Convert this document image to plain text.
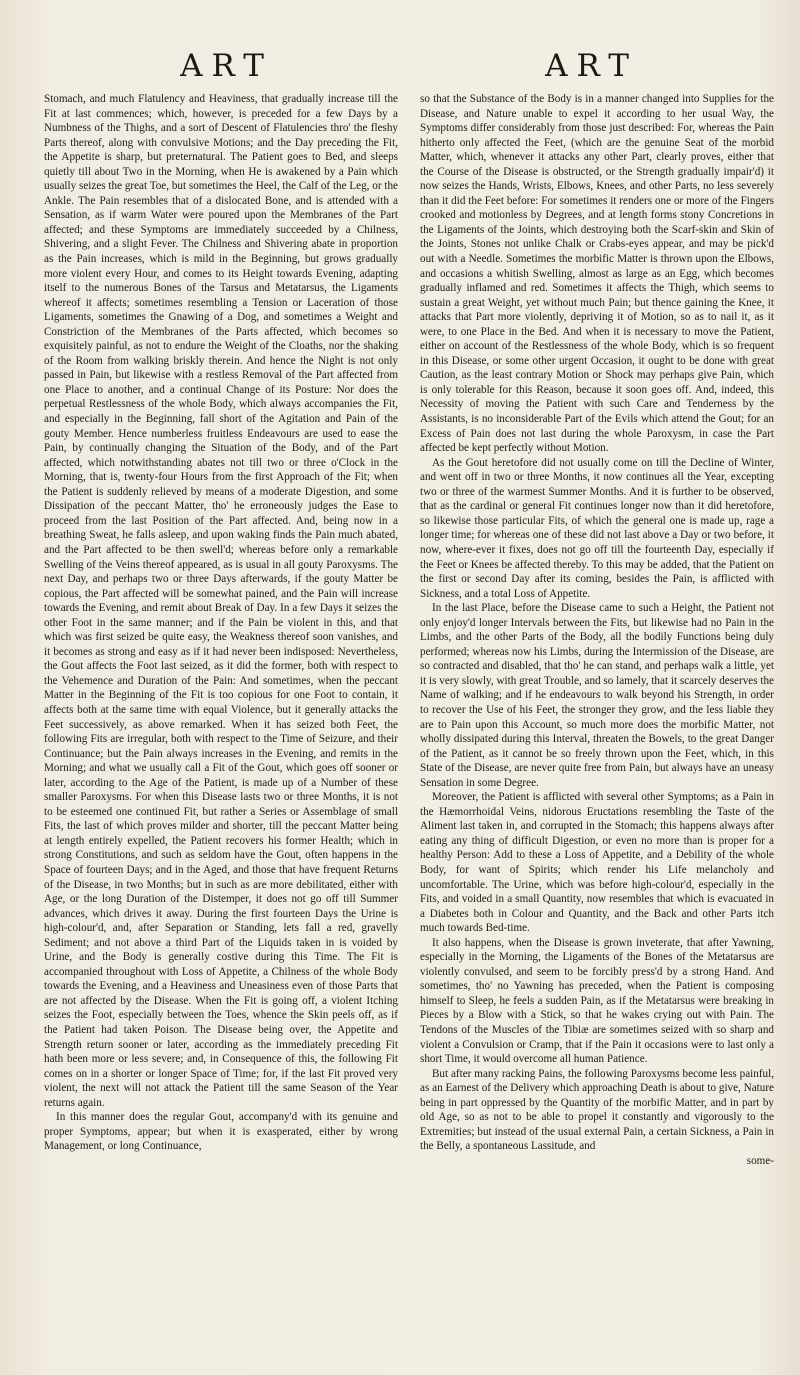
ART	ART

Stomach, and much Flatulency and Heaviness, that gradually increase till the Fit at last commences; which, however, is preceded for a few Days by a Numbness of the Thighs, and a sort of Descent of Flatulencies thro' the fleshy Parts thereof, along with convulsive Motions; and the Day preceding the Fit, the Appetite is sharp, but preternatural. The Patient goes to Bed, and sleeps quietly till about Two in the Morning, when He is awakened by a Pain which usually seizes the great Toe, but sometimes the Heel, the Calf of the Leg, or the Ankle. The Pain resembles that of a dislocated Bone, and is attended with a Sensation, as if warm Water were poured upon the Membranes of the Part affected; and these Symptoms are immediately succeeded by a Chilness, Shivering, and a slight Fever. The Chilness and Shivering abate in proportion as the Pain increases, which is mild in the Beginning, but grows gradually more violent every Hour, and comes to its Height towards Evening, adapting itself to the numerous Bones of the Tarsus and Metatarsus, the Ligaments whereof it affects; sometimes resembling a Tension or Laceration of those Ligaments, sometimes the Gnawing of a Dog, and sometimes a Weight and Constriction of the Membranes of the Parts affected, which becomes so exquisitely painful, as not to endure the Weight of the Cloaths, nor the shaking of the Room from walking briskly therein. And hence the Night is not only passed in Pain, but likewise with a restless Removal of the Part affected from one Place to another, and a continual Change of its Posture: Nor does the perpetual Restlessness of the whole Body, which always accompanies the Fit, and especially in the Beginning, fall short of the Agitation and Pain of the gouty Member. Hence numberless fruitless Endeavours are used to ease the Pain, by continually changing the Situation of the Body, and of the Part affected, which notwithstanding abates not till two or three o'Clock in the Morning, that is, twenty-four Hours from the first Approach of the Fit; when the Patient is suddenly relieved by means of a moderate Digestion, and some Dissipation of the peccant Matter, tho' he erroneously judges the Ease to proceed from the last Position of the Part affected. And, being now in a breathing Sweat, he falls asleep, and upon waking finds the Pain much abated, and the Part affected to be then swell'd; whereas before only a remarkable Swelling of the Veins thereof appeared, as is usual in all gouty Paroxysms. The next Day, and perhaps two or three Days afterwards, if the gouty Matter be copious, the Part affected will be somewhat pained, and the Pain will increase towards the Evening, and remit about Break of Day. In a few Days it seizes the other Foot in the same manner; and if the Pain be violent in this, and that which was first seized be quite easy, the Weakness thereof soon vanishes, and it becomes as strong and easy as if it had never been indisposed: Nevertheless, the Gout affects the Foot last seized, as it did the former, both with respect to the Vehemence and Duration of the Pain: And sometimes, when the peccant Matter in the Beginning of the Fit is too copious for one Foot to contain, it affects both at the same time with equal Violence, but it generally attacks the Feet successively, as above remarked. When it has seized both Feet, the following Fits are irregular, both with respect to the Time of Seizure, and their Continuance; but the Pain always increases in the Evening, and remits in the Morning; and what we usually call a Fit of the Gout, which goes off sooner or later, according to the Age of the Patient, is made up of a Number of these smaller Paroxysms. For when this Disease lasts two or three Months, it is not to be esteemed one continued Fit, but rather a Series or Assemblage of small Fits, the last of which proves milder and shorter, till the peccant Matter being at length entirely expelled, the Patient recovers his former Health; which in strong Constitutions, and such as seldom have the Gout, often happens in the Space of fourteen Days; and in the Aged, and those that have frequent Returns of the Disease, in two Months; but in such as are more debilitated, either with Age, or the long Duration of the Distemper, it does not go off till Summer advances, which drives it away. During the first fourteen Days the Urine is high-colour'd, and, after Separation or Standing, lets fall a red, gravelly Sediment; and not above a third Part of the Liquids taken in is voided by Urine, and the Body is generally costive during this Time. The Fit is accompanied throughout with Loss of Appetite, a Chilness of the whole Body towards the Evening, and a Heaviness and Uneasiness even of those Parts that are not affected by the Disease. When the Fit is going off, a violent Itching seizes the Foot, especially between the Toes, whence the Skin peels off, as if the Patient had taken Poison. The Disease being over, the Appetite and Strength return sooner or later, according as the immediately preceding Fit hath been more or less severe; and, in Consequence of this, the following Fit comes on in a shorter or longer Space of Time; for, if the last Fit proved very violent, the next will not attack the Patient till the same Season of the Year returns again.

In this manner does the regular Gout, accompany'd with its genuine and proper Symptoms, appear; but when it is exasperated, either by wrong Management, or long Continuance,

so that the Substance of the Body is in a manner changed into Supplies for the Disease, and Nature unable to expel it according to her usual Way, the Symptoms differ considerably from those just described: For, whereas the Pain hitherto only affected the Feet, (which are the genuine Seat of the morbid Matter, which, whenever it attacks any other Part, clearly proves, either that the Course of the Disease is obstructed, or the Strength gradually impair'd) it now seizes the Hands, Wrists, Elbows, Knees, and other Parts, no less severely than it did the Feet before: For sometimes it renders one or more of the Fingers crooked and motionless by Degrees, and at length forms stony Concretions in the Ligaments of the Joints, which destroying both the Scarf-skin and Skin of the Joints, Stones not unlike Chalk or Crabs-eyes appear, and may be pick'd out with a Needle. Sometimes the morbific Matter is thrown upon the Elbows, and occasions a whitish Swelling, almost as large as an Egg, which becomes gradually inflamed and red. Sometimes it affects the Thigh, which seems to sustain a great Weight, yet without much Pain; but thence gaining the Knee, it attacks that Part more violently, depriving it of Motion, so as to nail it, as it were, to one Place in the Bed. And when it is necessary to move the Patient, either on account of the Restlessness of the whole Body, which is so frequent in this Disease, or some other urgent Occasion, it ought to be done with great Caution, as the least contrary Motion or Shock may perhaps give Pain, which is only tolerable for this Reason, because it soon goes off. And, indeed, this Necessity of moving the Patient with such Care and Tenderness by the Assistants, is no inconsiderable Part of the Evils which attend the Gout; for an Excess of Pain does not last during the whole Paroxysm, in case the Part affected be kept perfectly without Motion.

As the Gout heretofore did not usually come on till the Decline of Winter, and went off in two or three Months, it now continues all the Year, excepting two or three of the warmest Summer Months. And it is further to be observed, that as the cardinal or general Fit continues longer now than it did heretofore, so likewise those particular Fits, of which the general one is made up, rage a longer time; for whereas one of these did not last above a Day or two before, it now, where-ever it fixes, does not go off till the fourteenth Day, especially if the Feet or Knees be affected thereby. To this may be added, that the Patient on the first or second Day after its coming, besides the Pain, is afflicted with Sickness, and a total Loss of Appetite.

In the last Place, before the Disease came to such a Height, the Patient not only enjoy'd longer Intervals between the Fits, but likewise had no Pain in the Limbs, and the other Parts of the Body, all the bodily Functions being duly performed; whereas now his Limbs, during the Intermission of the Disease, are so contracted and disabled, that tho' he can stand, and perhaps walk a little, yet it is very slowly, with great Trouble, and so lamely, that it scarcely deserves the Name of walking; and if he endeavours to walk beyond his Strength, in order to recover the Use of his Feet, the stronger they grow, and the less liable they are to Pain upon this Account, so much more does the morbific Matter, not wholly dissipated during this Interval, threaten the Bowels, to the great Danger of the Patient, as it cannot be so freely thrown upon the Feet, which, in this State of the Disease, are never quite free from Pain, but always have an uneasy Sensation in some Degree.

Moreover, the Patient is afflicted with several other Symptoms; as a Pain in the Hæmorrhoidal Veins, nidorous Eructations resembling the Taste of the Aliment last taken in, and corrupted in the Stomach; this happens always after eating any thing of difficult Digestion, or even no more than is proper for a healthy Person: Add to these a Loss of Appetite, and a Debility of the whole Body, for want of Spirits; which render his Life melancholy and uncomfortable. The Urine, which was before high-colour'd, especially in the Fits, and voided in a small Quantity, now resembles that which is evacuated in a Diabetes both in Colour and Quantity, and the Back and other Parts itch much towards Bed-time.

It also happens, when the Disease is grown inveterate, that after Yawning, especially in the Morning, the Ligaments of the Bones of the Metatarsus are violently convulsed, and seem to be forcibly press'd by a strong Hand. And sometimes, tho' no Yawning has preceded, when the Patient is composing himself to Sleep, he feels a sudden Pain, as if the Metatarsus were breaking in Pieces by a Blow with a Stick, so that he wakes crying out with Pain. The Tendons of the Muscles of the Tibiæ are sometimes seized with so sharp and violent a Convulsion or Cramp, that if the Pain it occasions were to last only a short Time, it would overcome all human Patience.

But after many racking Pains, the following Paroxysms become less painful, as an Earnest of the Delivery which approaching Death is about to give, Nature being in part oppressed by the Quantity of the morbific Matter, and in part by old Age, so as not to be able to propel it constantly and vigorously to the Extremities; but instead of the usual external Pain, a certain Sickness, a Pain in the Belly, a spontaneous Lassitude, and

some-
